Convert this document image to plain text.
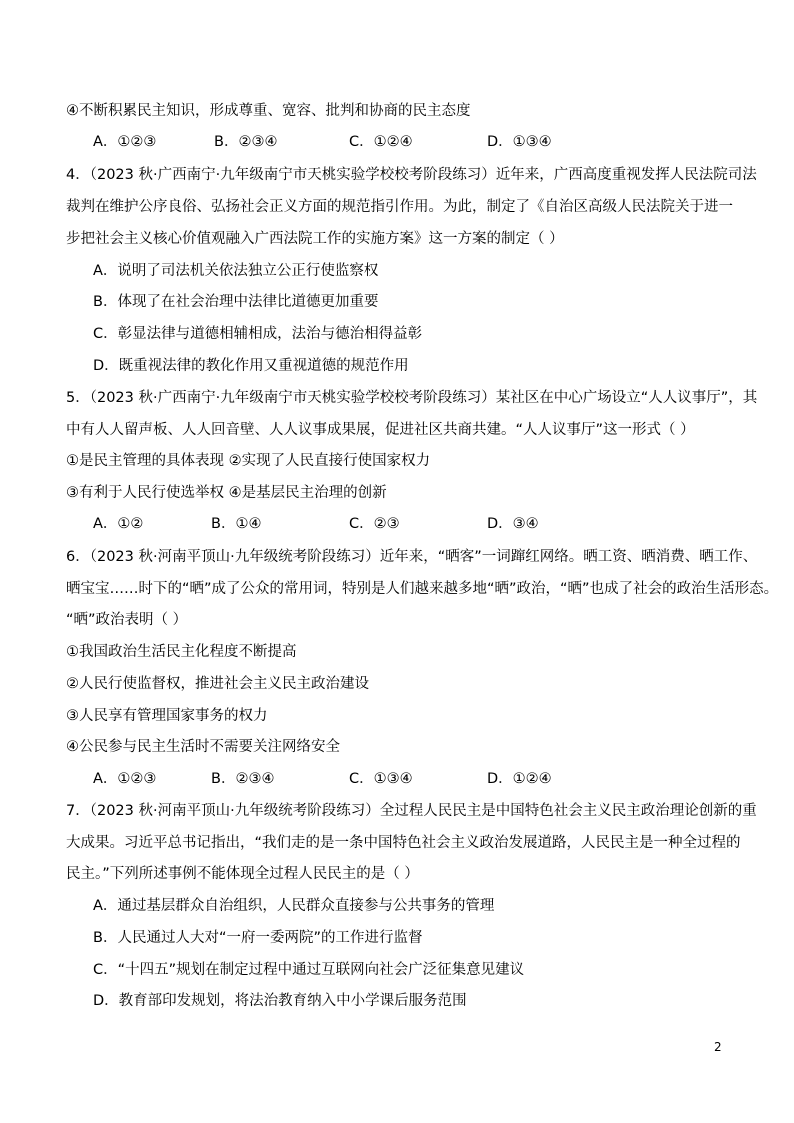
④不断积累民主知识，形成尊重、宽容、批判和协商的民主态度
A．①②③	B．②③④	C．①②④	D．①③④
4．（2023 秋·广西南宁·九年级南宁市天桃实验学校校考阶段练习）近年来，广西高度重视发挥人民法院司法
裁判在维护公序良俗、弘扬社会正义方面的规范指引作用。为此，制定了《自治区高级人民法院关于进一
步把社会主义核心价值观融入广西法院工作的实施方案》这一方案的制定（ ）
A．说明了司法机关依法独立公正行使监察权
B．体现了在社会治理中法律比道德更加重要
C．彰显法律与道德相辅相成，法治与德治相得益彰
D．既重视法律的教化作用又重视道德的规范作用
5．（2023 秋·广西南宁·九年级南宁市天桃实验学校校考阶段练习）某社区在中心广场设立“人人议事厅”，其
中有人人留声板、人人回音壁、人人议事成果展，促进社区共商共建。“人人议事厅”这一形式（ ）
①是民主管理的具体表现 ②实现了人民直接行使国家权力
③有利于人民行使选举权 ④是基层民主治理的创新
A．①②	B．①④	C．②③	D．③④
6．（2023 秋·河南平顶山·九年级统考阶段练习）近年来，“晒客”一词蹿红网络。晒工资、晒消费、晒工作、
晒宝宝……时下的“晒”成了公众的常用词，特别是人们越来越多地“晒”政治，“晒”也成了社会的政治生活形态。
“晒”政治表明（ ）
①我国政治生活民主化程度不断提高
②人民行使监督权，推进社会主义民主政治建设
③人民享有管理国家事务的权力
④公民参与民主生活时不需要关注网络安全
A．①②③	B．②③④	C．①③④	D．①②④
7．（2023 秋·河南平顶山·九年级统考阶段练习）全过程人民民主是中国特色社会主义民主政治理论创新的重
大成果。习近平总书记指出，“我们走的是一条中国特色社会主义政治发展道路，人民民主是一种全过程的
民主。”下列所述事例不能体现全过程人民民主的是（ ）
A．通过基层群众自治组织，人民群众直接参与公共事务的管理
B．人民通过人大对“一府一委两院”的工作进行监督
C．“十四五”规划在制定过程中通过互联网向社会广泛征集意见建议
D．教育部印发规划，将法治教育纳入中小学课后服务范围
2
